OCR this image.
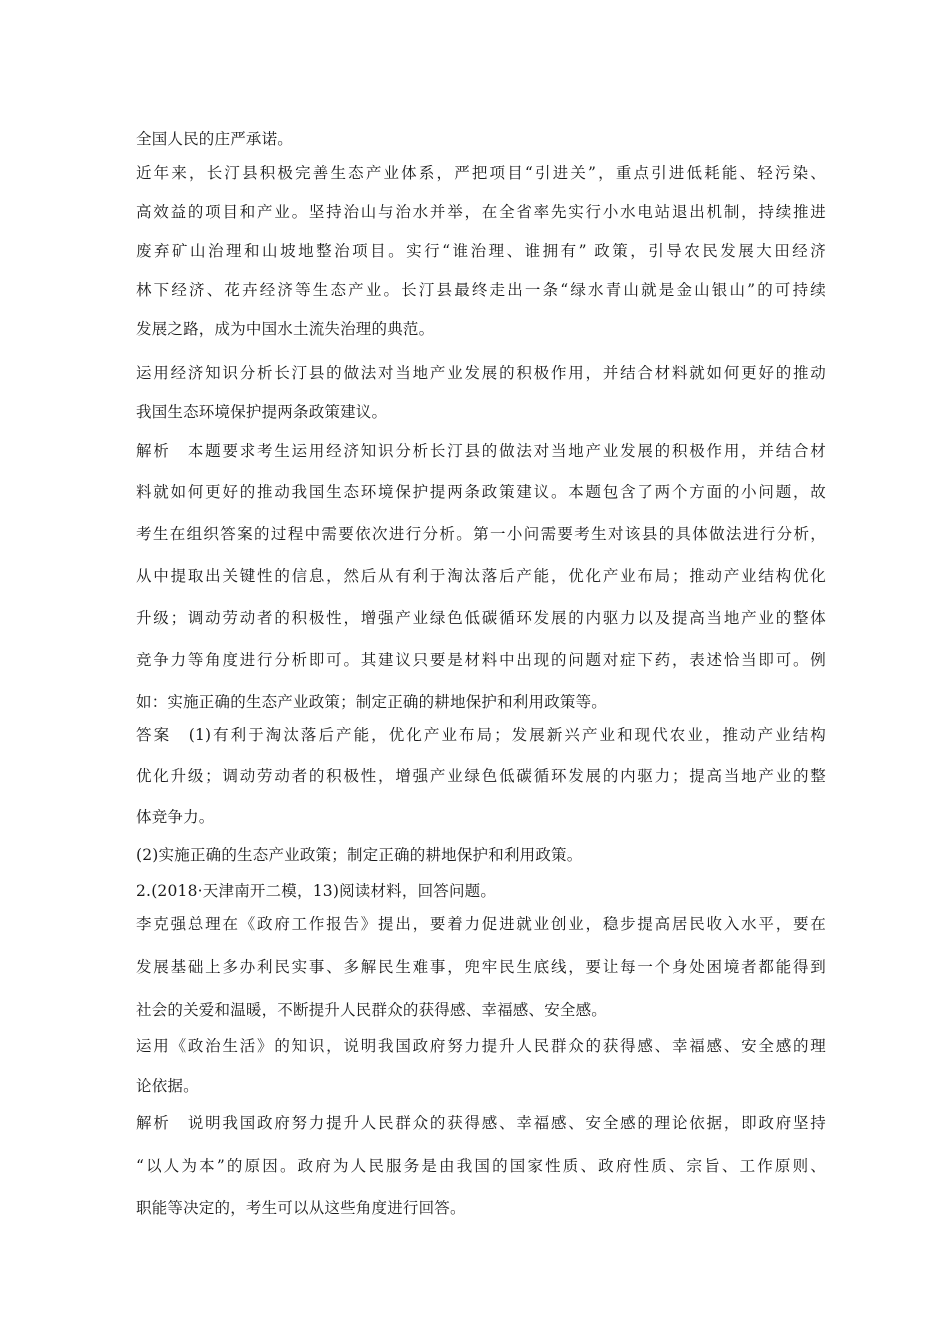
全国人民的庄严承诺。
近年来，长汀县积极完善生态产业体系，严把项目“引进关”，重点引进低耗能、轻污染、
高效益的项目和产业。坚持治山与治水并举，在全省率先实行小水电站退出机制，持续推进
废弃矿山治理和山坡地整治项目。实行“谁治理、谁拥有” 政策，引导农民发展大田经济
林下经济、花卉经济等生态产业。长汀县最终走出一条“绿水青山就是金山银山”的可持续
发展之路，成为中国水土流失治理的典范。
运用经济知识分析长汀县的做法对当地产业发展的积极作用，并结合材料就如何更好的推动
我国生态环境保护提两条政策建议。
解析　本题要求考生运用经济知识分析长汀县的做法对当地产业发展的积极作用，并结合材
料就如何更好的推动我国生态环境保护提两条政策建议。本题包含了两个方面的小问题，故
考生在组织答案的过程中需要依次进行分析。第一小问需要考生对该县的具体做法进行分析，
从中提取出关键性的信息，然后从有利于淘汰落后产能，优化产业布局；推动产业结构优化
升级；调动劳动者的积极性，增强产业绿色低碳循环发展的内驱力以及提高当地产业的整体
竞争力等角度进行分析即可。其建议只要是材料中出现的问题对症下药，表述恰当即可。例
如：实施正确的生态产业政策；制定正确的耕地保护和利用政策等。
答案　(1)有利于淘汰落后产能，优化产业布局；发展新兴产业和现代农业，推动产业结构
优化升级；调动劳动者的积极性，增强产业绿色低碳循环发展的内驱力；提高当地产业的整
体竞争力。
(2)实施正确的生态产业政策；制定正确的耕地保护和利用政策。
2.(2018·天津南开二模，13)阅读材料，回答问题。
李克强总理在《政府工作报告》提出，要着力促进就业创业，稳步提高居民收入水平，要在
发展基础上多办利民实事、多解民生难事，兜牢民生底线，要让每一个身处困境者都能得到
社会的关爱和温暖，不断提升人民群众的获得感、幸福感、安全感。
运用《政治生活》的知识，说明我国政府努力提升人民群众的获得感、幸福感、安全感的理
论依据。
解析　说明我国政府努力提升人民群众的获得感、幸福感、安全感的理论依据，即政府坚持
“以人为本”的原因。政府为人民服务是由我国的国家性质、政府性质、宗旨、工作原则、
职能等决定的，考生可以从这些角度进行回答。
